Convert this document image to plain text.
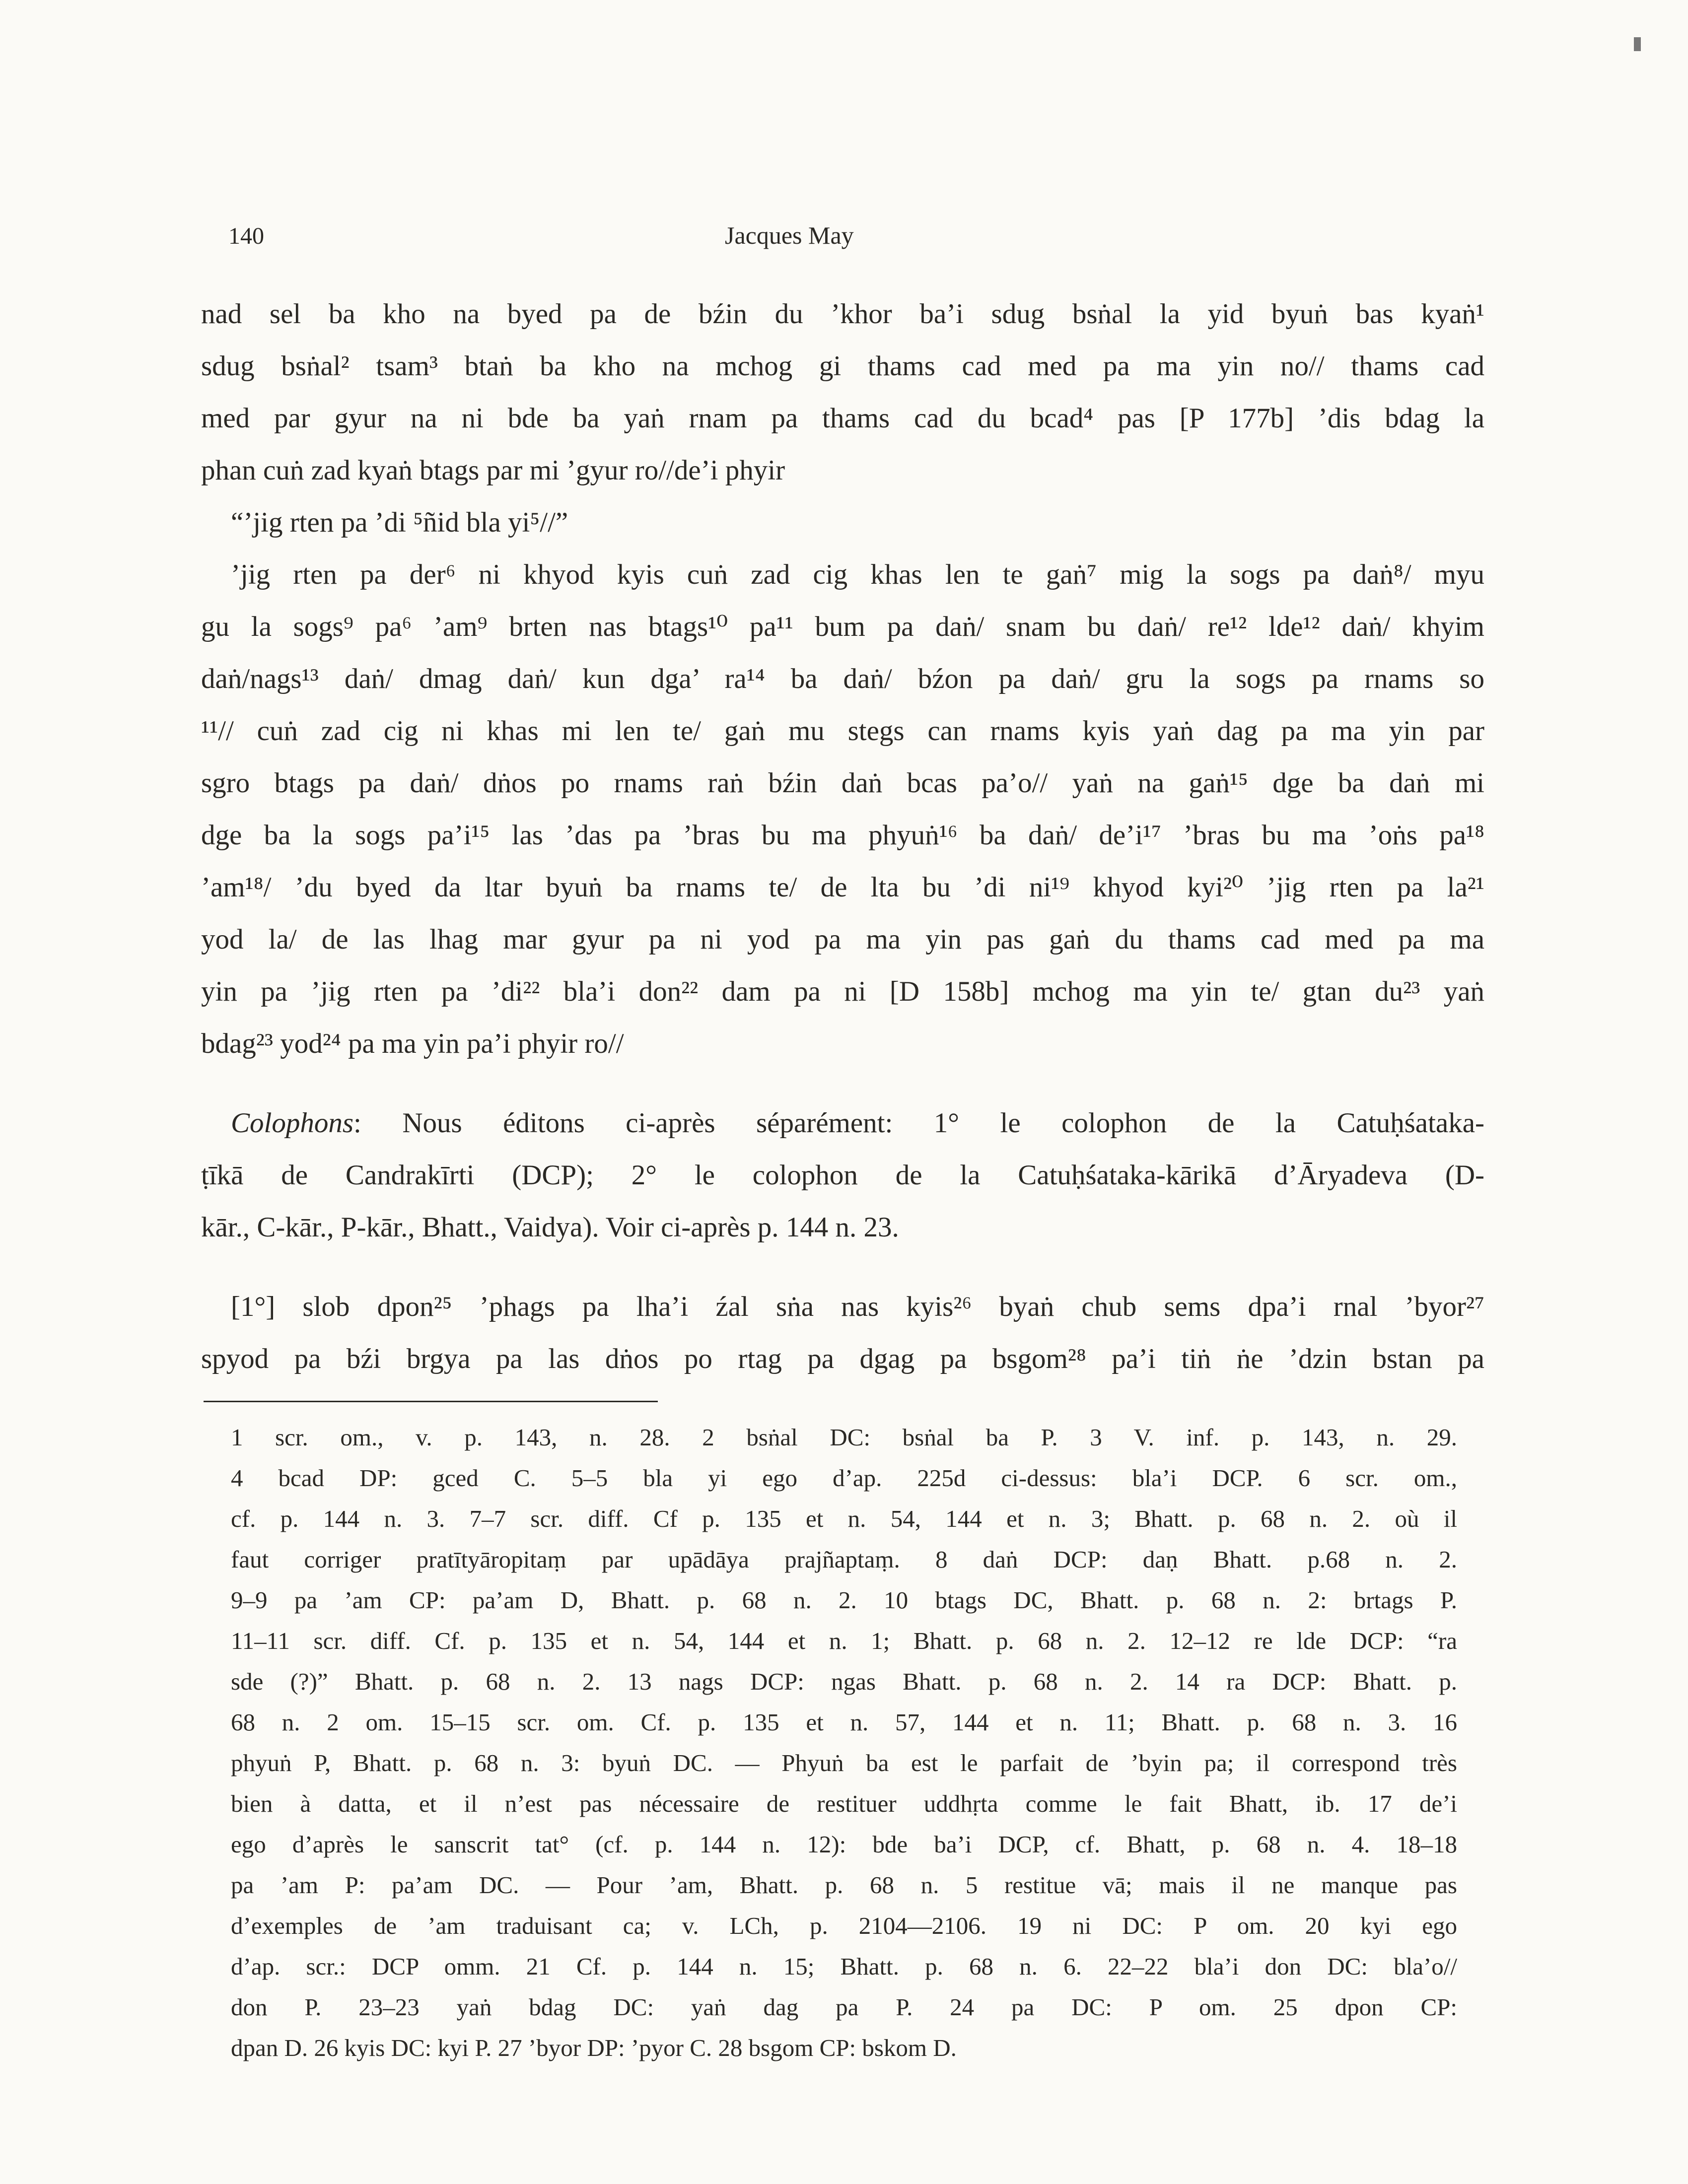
140	Jacques May
nad sel ba kho na byed pa de bźin du ’khor ba’i sdug bsṅal la yid byuṅ bas kyaṅ¹
sdug bsṅal² tsam³ btaṅ ba kho na mchog gi thams cad med pa ma yin no// thams cad
med par gyur na ni bde ba yaṅ rnam pa thams cad du bcad⁴ pas [P 177b] ’dis bdag la
phan cuṅ zad kyaṅ btags par mi ’gyur ro//de’i phyir
“’jig rten pa ’di ⁵ñid bla yi⁵//”
’jig rten pa der⁶ ni khyod kyis cuṅ zad cig khas len te gaṅ⁷ mig la sogs pa daṅ⁸/ myu
gu la sogs⁹ pa⁶ ’am⁹ brten nas btags¹⁰ pa¹¹ bum pa daṅ/ snam bu daṅ/ re¹² lde¹² daṅ/ khyim
daṅ/nags¹³ daṅ/ dmag daṅ/ kun dga’ ra¹⁴ ba daṅ/ bźon pa daṅ/ gru la sogs pa rnams so
¹¹// cuṅ zad cig ni khas mi len te/ gaṅ mu stegs can rnams kyis yaṅ dag pa ma yin par
sgro btags pa daṅ/ dṅos po rnams raṅ bźin daṅ bcas pa’o// yaṅ na gaṅ¹⁵ dge ba daṅ mi
dge ba la sogs pa’i¹⁵ las ’das pa ’bras bu ma phyuṅ¹⁶ ba daṅ/ de’i¹⁷ ’bras bu ma ’oṅs pa¹⁸
’am¹⁸/ ’du byed da ltar byuṅ ba rnams te/ de lta bu ’di ni¹⁹ khyod kyi²⁰ ’jig rten pa la²¹
yod la/ de las lhag mar gyur pa ni yod pa ma yin pas gaṅ du thams cad med pa ma
yin pa ’jig rten pa ’di²² bla’i don²² dam pa ni [D 158b] mchog ma yin te/ gtan du²³ yaṅ
bdag²³ yod²⁴ pa ma yin pa’i phyir ro//
Colophons: Nous éditons ci-après séparément: 1° le colophon de la Catuḥśataka-
ṭīkā de Candrakīrti (DCP); 2° le colophon de la Catuḥśataka-kārikā d’Āryadeva (D-
kār., C-kār., P-kār., Bhatt., Vaidya). Voir ci-après p. 144 n. 23.
[1°] slob dpon²⁵ ’phags pa lha’i źal sṅa nas kyis²⁶ byaṅ chub sems dpa’i rnal ’byor²⁷
spyod pa bźi brgya pa las dṅos po rtag pa dgag pa bsgom²⁸ pa’i tiṅ ṅe ’dzin bstan pa
1 scr. om., v. p. 143, n. 28. 2 bsṅal DC: bsṅal ba P. 3 V. inf. p. 143, n. 29.
4 bcad DP: gced C. 5–5 bla yi ego d’ap. 225d ci-dessus: bla’i DCP. 6 scr. om.,
cf. p. 144 n. 3. 7–7 scr. diff. Cf p. 135 et n. 54, 144 et n. 3; Bhatt. p. 68 n. 2. où il
faut corriger pratītyāropitaṃ par upādāya prajñaptaṃ. 8 daṅ DCP: daṇ Bhatt. p.68 n. 2.
9–9 pa ’am CP: pa’am D, Bhatt. p. 68 n. 2. 10 btags DC, Bhatt. p. 68 n. 2: brtags P.
11–11 scr. diff. Cf. p. 135 et n. 54, 144 et n. 1; Bhatt. p. 68 n. 2. 12–12 re lde DCP: “ra
sde (?)” Bhatt. p. 68 n. 2. 13 nags DCP: ngas Bhatt. p. 68 n. 2. 14 ra DCP: Bhatt. p.
68 n. 2 om. 15–15 scr. om. Cf. p. 135 et n. 57, 144 et n. 11; Bhatt. p. 68 n. 3. 16
phyuṅ P, Bhatt. p. 68 n. 3: byuṅ DC. — Phyuṅ ba est le parfait de ’byin pa; il correspond très
bien à datta, et il n’est pas nécessaire de restituer uddhṛta comme le fait Bhatt, ib. 17 de’i
ego d’après le sanscrit tat° (cf. p. 144 n. 12): bde ba’i DCP, cf. Bhatt, p. 68 n. 4. 18–18
pa ’am P: pa’am DC. — Pour ’am, Bhatt. p. 68 n. 5 restitue vā; mais il ne manque pas
d’exemples de ’am traduisant ca; v. LCh, p. 2104—2106. 19 ni DC: P om. 20 kyi ego
d’ap. scr.: DCP omm. 21 Cf. p. 144 n. 15; Bhatt. p. 68 n. 6. 22–22 bla’i don DC: bla’o//
don P. 23–23 yaṅ bdag DC: yaṅ dag pa P. 24 pa DC: P om. 25 dpon CP:
dpan D. 26 kyis DC: kyi P. 27 ’byor DP: ’pyor C. 28 bsgom CP: bskom D.
